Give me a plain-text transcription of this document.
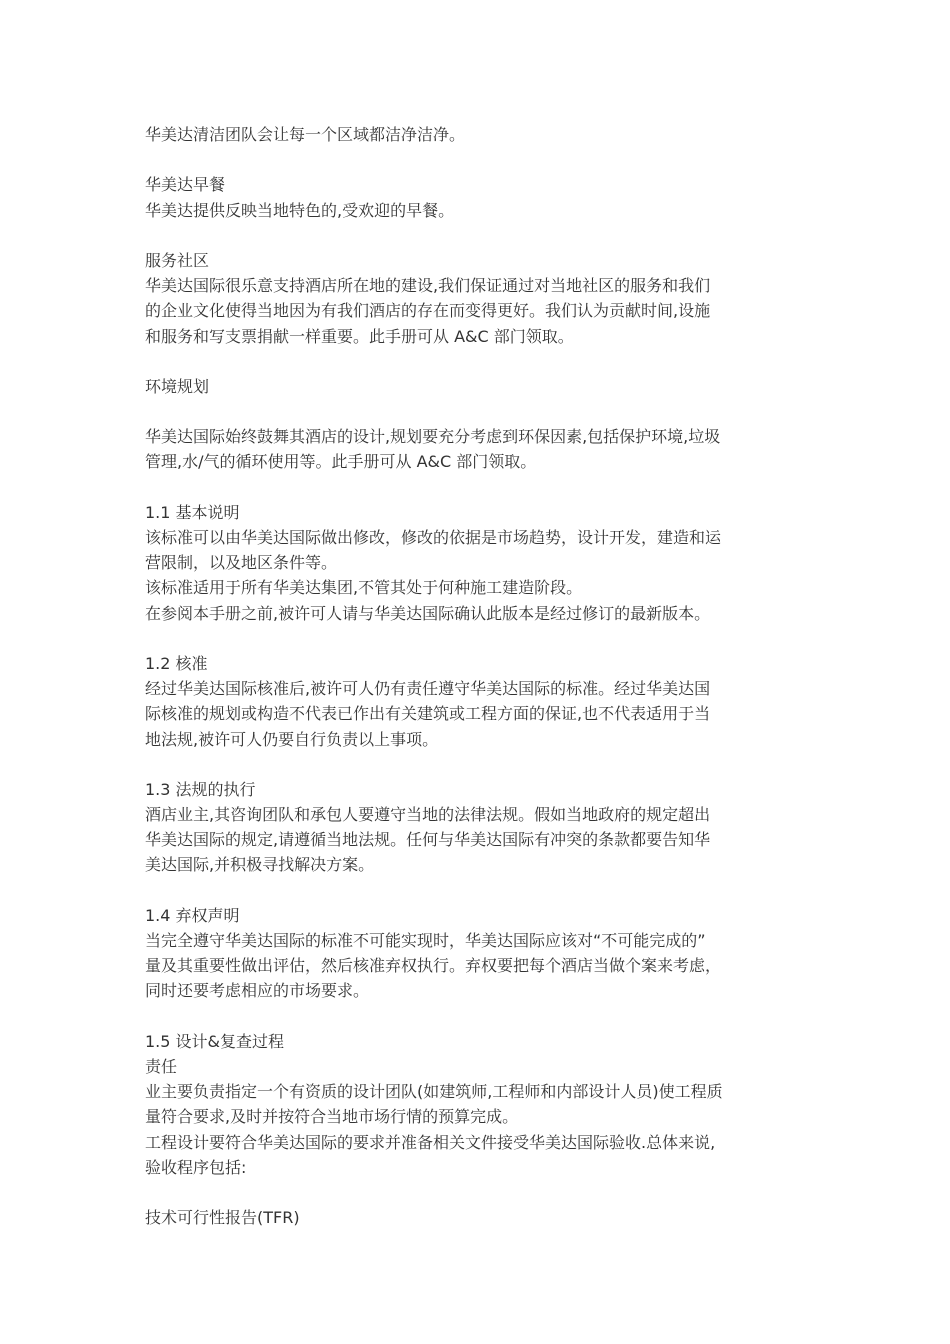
华美达清洁团队会让每一个区域都洁净洁净。
华美达早餐
华美达提供反映当地特色的,受欢迎的早餐。
服务社区
华美达国际很乐意支持酒店所在地的建设,我们保证通过对当地社区的服务和我们
的企业文化使得当地因为有我们酒店的存在而变得更好。我们认为贡献时间,设施
和服务和写支票捐献一样重要。此手册可从 A&C 部门领取。
环境规划
华美达国际始终鼓舞其酒店的设计,规划要充分考虑到环保因素,包括保护环境,垃圾
管理,水/气的循环使用等。此手册可从 A&C 部门领取。
1.1 基本说明
该标准可以由华美达国际做出修改，修改的依据是市场趋势，设计开发，建造和运
营限制，以及地区条件等。
该标准适用于所有华美达集团,不管其处于何种施工建造阶段。
在参阅本手册之前,被许可人请与华美达国际确认此版本是经过修订的最新版本。
1.2 核准
经过华美达国际核准后,被许可人仍有责任遵守华美达国际的标准。经过华美达国
际核准的规划或构造不代表已作出有关建筑或工程方面的保证,也不代表适用于当
地法规,被许可人仍要自行负责以上事项。
1.3 法规的执行
酒店业主,其咨询团队和承包人要遵守当地的法律法规。假如当地政府的规定超出
华美达国际的规定,请遵循当地法规。任何与华美达国际有冲突的条款都要告知华
美达国际,并积极寻找解决方案。
1.4 弃权声明
当完全遵守华美达国际的标准不可能实现时，华美达国际应该对“不可能完成的”
量及其重要性做出评估，然后核准弃权执行。弃权要把每个酒店当做个案来考虑，
同时还要考虑相应的市场要求。
1.5 设计&复查过程
责任
业主要负责指定一个有资质的设计团队(如建筑师,工程师和内部设计人员)使工程质
量符合要求,及时并按符合当地市场行情的预算完成。
工程设计要符合华美达国际的要求并准备相关文件接受华美达国际验收.总体来说,
验收程序包括:
技术可行性报告(TFR)
